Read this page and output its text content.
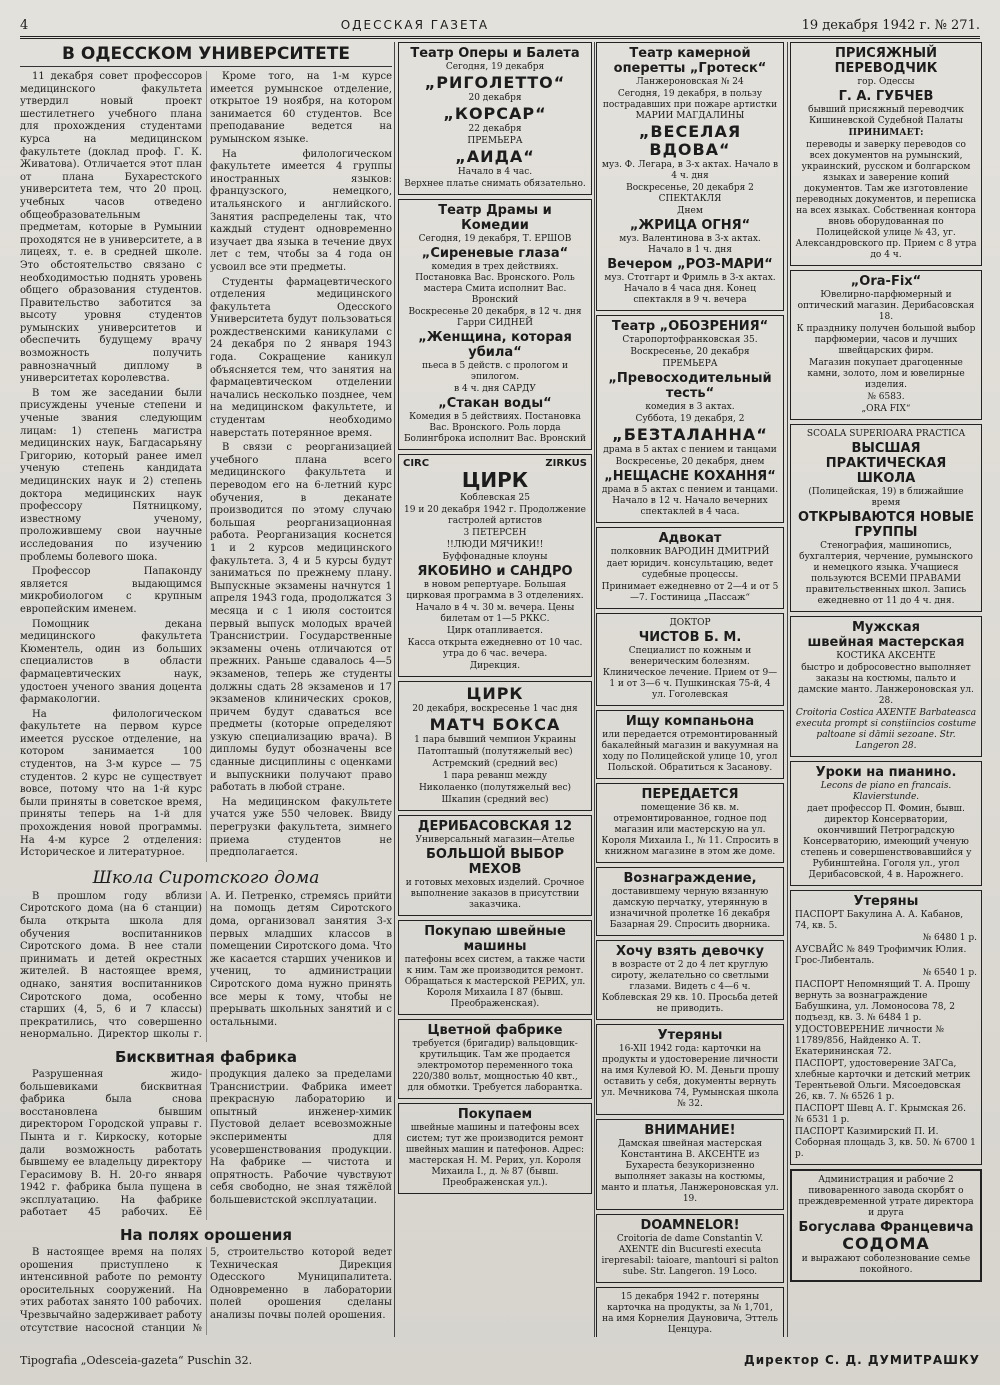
4	ОДЕССКАЯ ГАЗЕТА	19 декабря 1942 г. № 271.
В ОДЕССКОМ УНИВЕРСИТЕТЕ

11 декабря совет профессоров медицинского факультета утвердил новый проект шестилетнего учебного плана для прохождения студентами курса на медицинском факультете (доклад проф. Г. К. Живатова). Отличается этот план от плана Бухарестского университета тем, что 20 проц. учебных часов отведено общеобразовательным предметам, которые в Румынии проходятся не в университете, а в лицеях, т. е. в средней школе. Это обстоятельство связано с необходимостью поднять уровень общего образования студентов. Правительство заботится за высоту уровня студентов румынских университетов и обеспечить будущему врачу возможность получить равнозначный диплому в университетах королевства.

В том же заседании были присуждены ученые степени и ученые звания следующим лицам: 1) степень магистра медицинских наук, Багдасарьяну Григорию, который ранее имел ученую степень кандидата медицинских наук и 2) степень доктора медицинских наук профессору Пятницкому, известному ученому, проложившему свои научные исследования по изучению проблемы болевого шока.

Профессор Папаконду является выдающимся микробиологом с крупным европейским именем.

Помощник декана медицинского факультета Кюментель, один из больших специалистов в области фармацевтических наук, удостоен ученого звания доцента фармакологии.

На филологическом факультете на первом курсе имеется русское отделение, на котором занимается 100 студентов, на 3-м курсе — 75 студентов. 2 курс не существует вовсе, потому что на 1-й курс были приняты в советское время, приняты теперь на 1-й для прохождения новой программы. На 4-м курсе 2 отделения: Историческое и литературное.

Кроме того, на 1-м курсе имеется румынское отделение, открытое 19 ноября, на котором занимается 60 студентов. Все преподавание ведется на румынском языке.

На филологическом факультете имеется 4 группы иностранных языков: французского, немецкого, итальянского и английского. Занятия распределены так, что каждый студент одновременно изучает два языка в течение двух лет с тем, чтобы за 4 года он усвоил все эти предметы.

Студенты фармацевтического отделения медицинского факультета Одесского Университета будут пользоваться рождественскими каникулами с 24 декабря по 2 января 1943 года. Сокращение каникул объясняется тем, что занятия на фармацевтическом отделении начались несколько позднее, чем на медицинском факультете, и студентам необходимо наверстать потерянное время.

В связи с реорганизацией учебного плана всего медицинского факультета и переводом его на 6-летний курс обучения, в деканате производится по этому случаю большая реорганизационная работа. Реорганизация коснется 1 и 2 курсов медицинского факультета. 3, 4 и 5 курсы будут заниматься по прежнему плану. Выпускные экзамены начнутся 1 апреля 1943 года, продолжатся 3 месяца и с 1 июля состоится первый выпуск молодых врачей Транснистрии. Государственные экзамены очень отличаются от прежних. Раньше сдавалось 4—5 экзаменов, теперь же студенты должны сдать 28 экзаменов и 17 экзаменов клинических сроков, причем будут сдаваться все предметы (которые определяют узкую специализацию врача). В дипломы будут обозначены все сданные дисциплины с оценками и выпускники получают право работать в любой стране.

На медицинском факультете учатся уже 550 человек. Ввиду перегрузки факультета, зимнего приема студентов не предполагается.

Школа Сиротского дома

В прошлом году вблизи Сиротского дома (на 6 станции) была открыта школа для обучения воспитанников Сиротского дома. В нее стали принимать и детей окрестных жителей. В настоящее время, однако, занятия воспитанников Сиротского дома, особенно старших (4, 5, 6 и 7 классы) прекратились, что совершенно ненормально. Директор школы г. А. И. Петренко, стремясь прийти на помощь детям Сиротского дома, организовал занятия 3-х первых младших классов в помещении Сиротского дома. Что же касается старших учеников и учениц, то администрации Сиротского дома нужно принять все меры к тому, чтобы не прерывать школьных занятий и с остальными.

Бисквитная фабрика

Разрушенная жидо-большевиками бисквитная фабрика была снова восстановлена бывшим директором Городской управы г. Пынта и г. Киркоску, которые дали возможность работать бывшему ее владельцу директору Герасимову В. Н. 20-го января 1942 г. фабрика была пущена в эксплуатацию. На фабрике работает 45 рабочих. Её продукция далеко за пределами Транснистрии. Фабрика имеет прекрасную лабораторию и опытный инженер-химик Пустовой делает всевозможные эксперименты для усовершенствования продукции. На фабрике — чистота и опрятность. Рабочие чувствуют себя свободно, не зная тяжёлой большевистской эксплуатации.

На полях орошения

В настоящее время на полях орошения приступлено к интенсивной работе по ремонту оросительных сооружений. На этих работах занято 100 рабочих. Чрезвычайно задерживает работу отсутствие насосной станции № 5, строительство которой ведет Техническая Дирекция Одесского Муниципалитета. Одновременно в лаборатории полей орошения сделаны анализы почвы полей орошения.

Театр Оперы и Балета

Сегодня, 19 декабря

„РИГОЛЕТТО“

20 декабря

„КОРСАР“

22 декабря

ПРЕМЬЕРА

„АИДА“

Начало в 4 час.

Верхнее платье снимать обязательно.

Театр Драмы и Комедии

Сегодня, 19 декабря, Т. ЕРШОВ

„Сиреневые глаза“

комедия в трех действиях. Постановка Вас. Вронского. Роль мастера Смита исполнит Вас. Вронский

Воскресенье 20 декабря, в 12 ч. дня Гарри СИДНЕЙ

„Женщина, которая убила“

пьеса в 5 действ. с прологом и эпилогом.

в 4 ч. дня САРДУ

„Стакан воды“

Комедия в 5 действиях. Постановка Вас. Вронского. Роль лорда Болингброка исполнит Вас. Вронский

CIRC	ZIRKUS
ЦИРК

Коблевская 25

19 и 20 декабря 1942 г. Продолжение гастролей артистов

3 ПЕТЕРСЕН

!!ЛЮДИ МЯЧИКИ!!

Буффонадные клоуны

ЯКОБИНО и САНДРО

в новом репертуаре. Большая цирковая программа в 3 отделениях.

Начало в 4 ч. 30 м. вечера. Цены билетам от 1—5 РККС.

Цирк отапливается.

Касса открыта ежедневно от 10 час. утра до 6 час. вечера.

Дирекция.

ЦИРК

20 декабря, воскресенье 1 час дня

МАТЧ БОКСА

1 пара бывший чемпион Украины

Патопташый (полутяжелый вес)

Астремский (средний вес)

1 пара реванш между

Николаенко (полутяжелый вес)

Шкапин (средний вес)

ДЕРИБАСОВСКАЯ 12

Универсальный магазин—Ателье

БОЛЬШОЙ ВЫБОР МЕХОВ

и готовых меховых изделий. Срочное выполнение заказов в присутствии заказчика.

Покупаю швейные машины

патефоны всех систем, а также части к ним. Там же производится ремонт. Обращаться к мастерской РЕРИХ, ул. Короля Михаила I 87 (бывш. Преображенская).

Цветной фабрике

требуется (бригадир) вальцовщик-крутильщик. Там же продается электромотор переменного тока 220/380 вольт, мощностью 40 квт., для обмотки. Требуется лаборантка.

Покупаем

швейные машины и патефоны всех систем; тут же производится ремонт швейных машин и патефонов. Адрес: мастерская Н. М. Рерих, ул. Короля Михаила I., д. № 87 (бывш. Преображенская ул.).

Театр камерной оперетты „Гротеск“

Ланжероновская № 24

Сегодня, 19 декабря, в пользу пострадавших при пожаре артистки МАРИИ МАГДАЛИНЫ

„ВЕСЕЛАЯ ВДОВА“

муз. Ф. Легара, в 3-х актах. Начало в 4 ч. дня

Воскресенье, 20 декабря 2 СПЕКТАКЛЯ

Днем

„ЖРИЦА ОГНЯ“

муз. Валентинова в 3-х актах. Начало в 1 ч. дня

Вечером „РОЗ-МАРИ“

муз. Стотгарт и Фримль в 3-х актах. Начало в 4 часа дня. Конец спектакля в 9 ч. вечера

Театр „ОБОЗРЕНИЯ“

Старопортофранковская 35.

Воскресенье, 20 декабря

ПРЕМЬЕРА

„Превосходительный тесть“

комедия в 3 актах.

Суббота, 19 декабря, 2

„БЕЗТАЛАННА“

драма в 5 актах с пением и танцами

Воскресенье, 20 декабря, днем

„НЕЩАСНЕ КОХАННЯ“

драма в 5 актах с пением и танцами. Начало в 12 ч. Начало вечерних спектаклей в 4 часа.

Адвокат

полковник ВАРОДИН ДМИТРИЙ

дает юридич. консультацию, ведет судебные процессы.

Принимает ежедневно от 2—4 и от 5—7. Гостиница „Пассаж“

ДОКТОР

ЧИСТОВ Б. М.

Специалист по кожным и венерическим болезням. Клиническое лечение. Прием от 9—1 и от 3—6 ч. Пушкинская 75-й, 4 ул. Гоголевская

Ищу компаньона

или передается отремонтированный бакалейный магазин и вакуумная на ходу по Полицейской улице 10, угол Польской. Обратиться к Засанову.

ПЕРЕДАЕТСЯ

помещение 36 кв. м. отремонтированное, годное под магазин или мастерскую на ул. Короля Михаила I., № 11. Спросить в книжном магазине в этом же доме.

Вознаграждение,

доставившему черную вязанную дамскую перчатку, утерянную в изначичной пролетке 16 декабря Базарная 29. Спросить дворника.

Хочу взять девочку

в возрасте от 2 до 4 лет круглую сироту, желательно со светлыми глазами. Видеть с 4—6 ч. Коблевская 29 кв. 10. Просьба детей не приводить.

Утеряны

16-XII 1942 года: карточки на продукты и удостоверение личности на имя Кулевой Ю. М. Деньги прошу оставить у себя, документы вернуть ул. Мечникова 74, Румынская школа № 32.

ВНИМАНИЕ!

Дамская швейная мастерская Константина В. АКСЕНТЕ из Бухареста безукоризненно выполняет заказы на костюмы, манто и платья, Ланжероновская ул. 19.

DOAMNELOR!

Croitoria de dame Constantin V. AXENTE din Bucuresti executa irepresabil: taioare, mantouri si palton sube. Str. Langeron. 19 Loco.

15 декабря 1942 г. потеряны карточка на продукты, за № 1,701, на имя Корнелия Дауновича, Эттель Ценцура.

ПРИСЯЖНЫЙ ПЕРЕВОДЧИК

гор. Одессы

Г. А. ГУБЧЕВ

бывший присяжный переводчик Кишиневской Судебной Палаты

ПРИНИМАЕТ:

переводы и заверку переводов со всех документов на румынский, украинский, русском и болгарском языках и заверение копий документов. Там же изготовление переводных документов, и переписка на всех языках. Собственная контора вновь оборудованная по Полицейской улице № 43, уг. Александровского пр. Прием с 8 утра до 4 ч.

„Ora-Fix“

Ювелирно-парфюмерный и оптический магазин. Дерибасовская 18.

К празднику получен большой выбор парфюмерии, часов и лучших швейцарских фирм.

Магазин покупает драгоценные камни, золото, лом и ювелирные изделия.

№ 6583.

„ORA FIX“

SCOALA SUPERIOARA PRACTICA

ВЫСШАЯ ПРАКТИЧЕСКАЯ ШКОЛА

(Полицейская, 19) в ближайшие время

ОТКРЫВАЮТСЯ НОВЫЕ ГРУППЫ

Стенография, машинопись, бухгалтерия, черчение, румынского и немецкого языка. Учащиеся пользуются ВСЕМИ ПРАВАМИ правительственных школ. Запись ежедневно от 11 до 4 ч. дня.

Мужская
швейная мастерская

КОСТИКА АКСЕНТЕ

быстро и добросовестно выполняет заказы на костюмы, пальто и дамские манто. Ланжероновская ул. 28.

Croitoria Costica AXENTE Barbateasca executa prompt si conștiincios costume paltoane si dămii sezoane. Str. Langeron 28.

Уроки на пианино.

Lecons de piano en francais. Klavierstunde.

дает профессор П. Фомин, бывш. директор Консерватории, окончивший Петроградскую Консерваторию, имеющий ученую степень и совершенствовавшийся у Рубинштейна. Гоголя ул., угол Дерибасовской, 4 в. Нарожнего.

Утеряны

ПАСПОРТ Бакулина А. А. Кабанов, 74, кв. 5.

№ 6480 1 р.

АУСВАЙС № 849 Трофимчик Юлия. Грос-Либенталь.

№ 6540 1 р.

ПАСПОРТ Непомнящий Т. А. Прошу вернуть за вознаграждение Бабушкина, ул. Ломоносова 78, 2 подъезд, кв. 3. № 6484 1 р.

УДОСТОВЕРЕНИЕ личности № 11789/856, Найденко А. Т. Екатерининская 72.

ПАСПОРТ, удостоверение ЗАГСа, хлебные карточки и детский метрик Терентьевой Ольги. Мясоедовская 26, кв. 7. № 6526 1 р.

ПАСПОРТ Шевц А. Г. Крымская 26. № 6531 1 р.

ПАСПОРТ Казимирский П. И. Соборная площадь 3, кв. 50. № 6700 1 р.

Администрация и рабочие 2 пивоваренного завода скорбят о преждевременной утрате директора и друга

Богуслава Францевича
СОДОМА

и выражают соболезнование семье покойного.

Tipografia „Odesceia-gazeta“ Puschin 32.	Директор С. Д. ДУМИТРАШКУ
